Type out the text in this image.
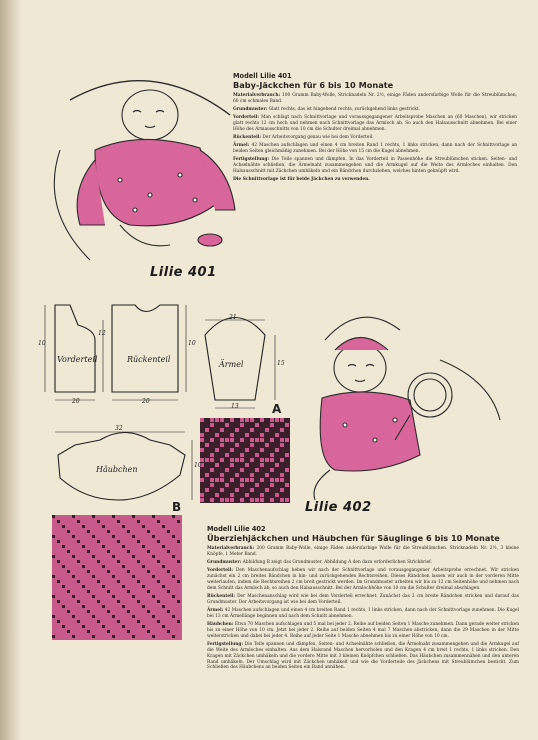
Vorderteil	Rückenteil
Ärmel
Häubchen
10
12
20
10
20
21
15
13
32
10
A
B
Lilie 401
Lilie 402
Modell Lilie 401
Baby-Jäckchen für 6 bis 10 Monate
Materialverbrauch: 100 Gramm Baby-Wolle, Stricknadeln Nr. 2½, einige Fäden andersfarbige Wolle für die Streublümchen, 60 cm schmales Band.
Grundmuster: Glatt rechts, das ist hingehend rechts, zurückgehend links gestrickt.
Vorderteil: Man schlägt nach Schnittvorlage und voraussgegangener Arbeitsprobe Maschen an (60 Maschen), wir stricken glatt rechts 12 cm hoch und nehmen nach Schnittvorlage das Armloch ab. So auch den Halsausschnitt abnehmen. Bei einer Höhe des Armausschnitts von 10 cm die Schulter dreimal abnehmen.
Rückenteil: Der Arbeitsvorgang genau wie bei dem Vorderteil.
Ärmel: 42 Maschen aufschlagen und einen 4 cm breiten Rand 1 rechts, 1 links stricken, dann nach der Schnittvorlage an beiden Seiten gleichmäßig zunehmen. Bei der Höhe von 15 cm die Kugel abnehmen.
Fertigstellung: Die Teile spannen und dämpfen. In das Vorderteil in Passenhöhe die Streublümchen sticken. Seiten- und Achselnähte schließen, die Ärmelnaht zusammengehen und die Armkugel auf die Weite des Armloches einhalten. Den Halsausschnitt mit Zäckchen umhäkeln und ein Bändchen durchziehen, welches hinten geknüpft wird.
Die Schnittvorlage ist für beide Jäckchen zu verwenden.
Modell Lilie 402
Überziehjäckchen und Häubchen für Säuglinge 6 bis 10 Monate
Materialverbrauch: 200 Gramm Baby-Wolle, einige Fäden andersfarbige Wolle für die Streublümchen. Stricknadeln Nr. 2½, 3 kleine Knöpfe, 1 Meter Band.
Grundmuster: Abbildung B zeigt das Grundmuster, Abbildung A den dazu erforderlichen Strickbrief.
Vorderteil: Den Maschenaufschlag heben wir nach der Schnittvorlage und vorausgegangener Arbeitsprobe errechnet. Wir stricken zunächst ein 2 cm breites Bändchen in hin- und zurückgehenden Rechtsreihen. Dieses Rändchen lassen wir auch in der vorderen Mitte weiterlaufen, indem die Rechtsreihen 2 cm breit gestrickt werden. Im Grundmuster arbeiten wir bis zu 12 cm Seitenhöhe und nehmen nach dem Schnitt das Armloch ab, so auch den Halsausschnitt. Bei der Armlochhöhe von 10 cm die Schulter dreimal abschlagen.
Rückenteil: Der Maschenanschlag wird wie bei dem Vorderteil errechnet. Zunächst das 2 cm breite Rändchen stricken und darauf das Grundmuster. Der Arbeitsvorgang ist wie bei dem Vorderteil.
Ärmel: 42 Maschen aufschlagen und einen 4 cm breiten Rand 1 rechts, 1 links stricken, dann nach der Schnittvorlage zunehmen. Die Kugel bei 13 cm Ärmellänge beginnen und nach dem Schnitt abnehmen.
Häubchen: Etwa 70 Maschen aufschlagen und 5 mal bei jeder 2. Reihe auf beiden Seiten 1 Masche zunehmen. Dann gerade weiter stricken bis zu einer Höhe von 10 cm. Jetzt bei jeder 2. Reihe auf beiden Seiten 4 mal 7 Maschen abstricken, dann die 29 Maschen in der Mitte weiterstricken und dabei bei jeder 4. Reihe auf jeder Seite 1 Masche abnehmen bis zu einer Höhe von 10 cm.
Fertigstellung: Die Teile spannen und dämpfen, Seiten- und Achselnähte schließen, die Ärmelnaht zusammengehen und die Armkugel auf die Weite des Armloches einhalten. Aus dem Halsrand Maschen hervorholen und den Kragen 4 cm breit 1 rechts, 1 links stricken. Den Kragen mit Zäckchen umhäkeln und die vordere Mitte mit 3 kleinen Knöpfchen schließen. Das Häubchen zusammennähen und den unteren Rand umhäkeln. Der Umschlag wird mit Zäckchen umhäkelt und wie die Vorderteile des Jäckchens mit Streublümchen bestickt. Zum Schließen des Häubchens an beiden Seiten ein Band annähen.
